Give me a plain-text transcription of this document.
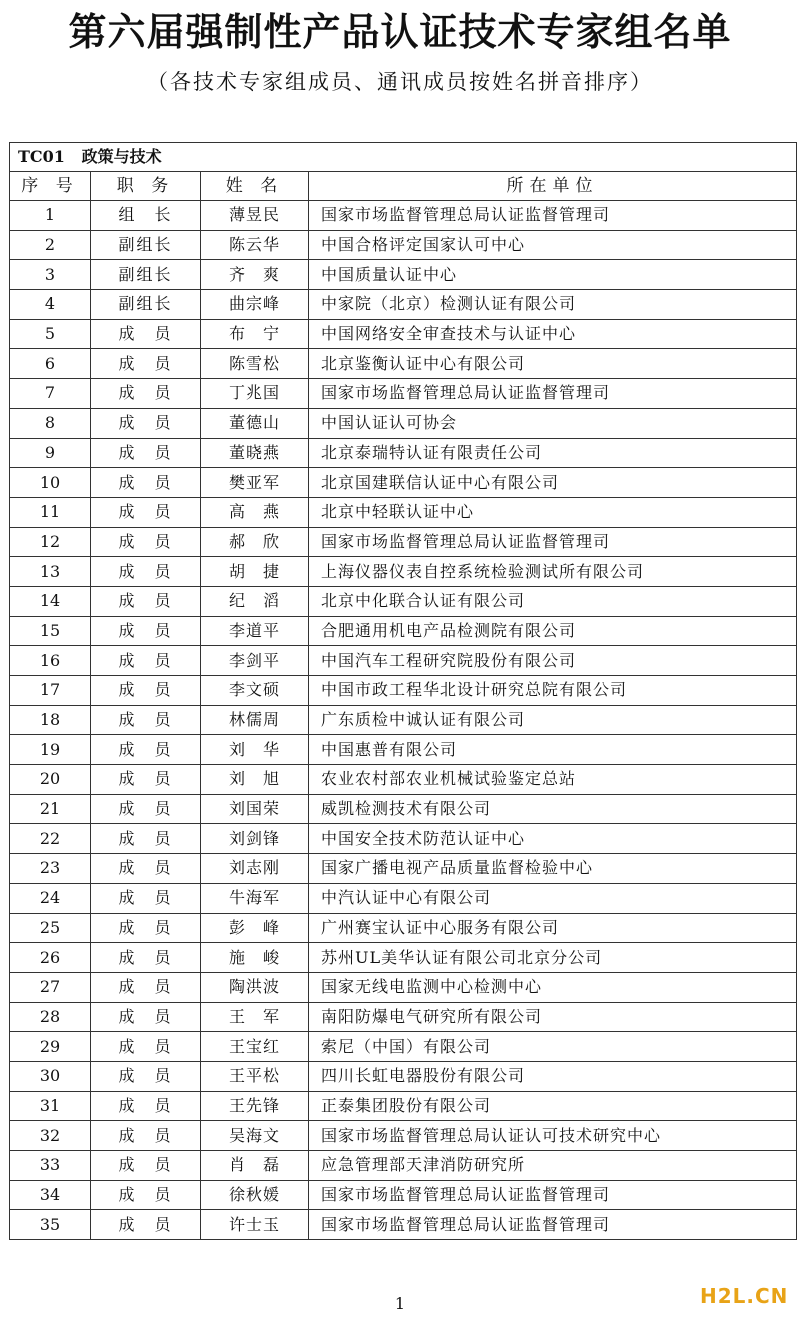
第六届强制性产品认证技术专家组名单
（各技术专家组成员、通讯成员按姓名拼音排序）
TC01 政策与技术			
序 号	职 务	姓 名	所在单位
1	组　长	薄昱民	国家市场监督管理总局认证监督管理司
2	副组长	陈云华	中国合格评定国家认可中心
3	副组长	齐　爽	中国质量认证中心
4	副组长	曲宗峰	中家院（北京）检测认证有限公司
5	成　员	布　宁	中国网络安全审查技术与认证中心
6	成　员	陈雪松	北京鉴衡认证中心有限公司
7	成　员	丁兆国	国家市场监督管理总局认证监督管理司
8	成　员	董德山	中国认证认可协会
9	成　员	董晓燕	北京泰瑞特认证有限责任公司
10	成　员	樊亚军	北京国建联信认证中心有限公司
11	成　员	高　燕	北京中轻联认证中心
12	成　员	郝　欣	国家市场监督管理总局认证监督管理司
13	成　员	胡　捷	上海仪器仪表自控系统检验测试所有限公司
14	成　员	纪　滔	北京中化联合认证有限公司
15	成　员	李道平	合肥通用机电产品检测院有限公司
16	成　员	李剑平	中国汽车工程研究院股份有限公司
17	成　员	李文硕	中国市政工程华北设计研究总院有限公司
18	成　员	林儒周	广东质检中诚认证有限公司
19	成　员	刘　华	中国惠普有限公司
20	成　员	刘　旭	农业农村部农业机械试验鉴定总站
21	成　员	刘国荣	威凯检测技术有限公司
22	成　员	刘剑锋	中国安全技术防范认证中心
23	成　员	刘志刚	国家广播电视产品质量监督检验中心
24	成　员	牛海军	中汽认证中心有限公司
25	成　员	彭　峰	广州赛宝认证中心服务有限公司
26	成　员	施　峻	苏州UL美华认证有限公司北京分公司
27	成　员	陶洪波	国家无线电监测中心检测中心
28	成　员	王　军	南阳防爆电气研究所有限公司
29	成　员	王宝红	索尼（中国）有限公司
30	成　员	王平松	四川长虹电器股份有限公司
31	成　员	王先锋	正泰集团股份有限公司
32	成　员	吴海文	国家市场监督管理总局认证认可技术研究中心
33	成　员	肖　磊	应急管理部天津消防研究所
34	成　员	徐秋媛	国家市场监督管理总局认证监督管理司
35	成　员	许士玉	国家市场监督管理总局认证监督管理司
1	H2L.CN
